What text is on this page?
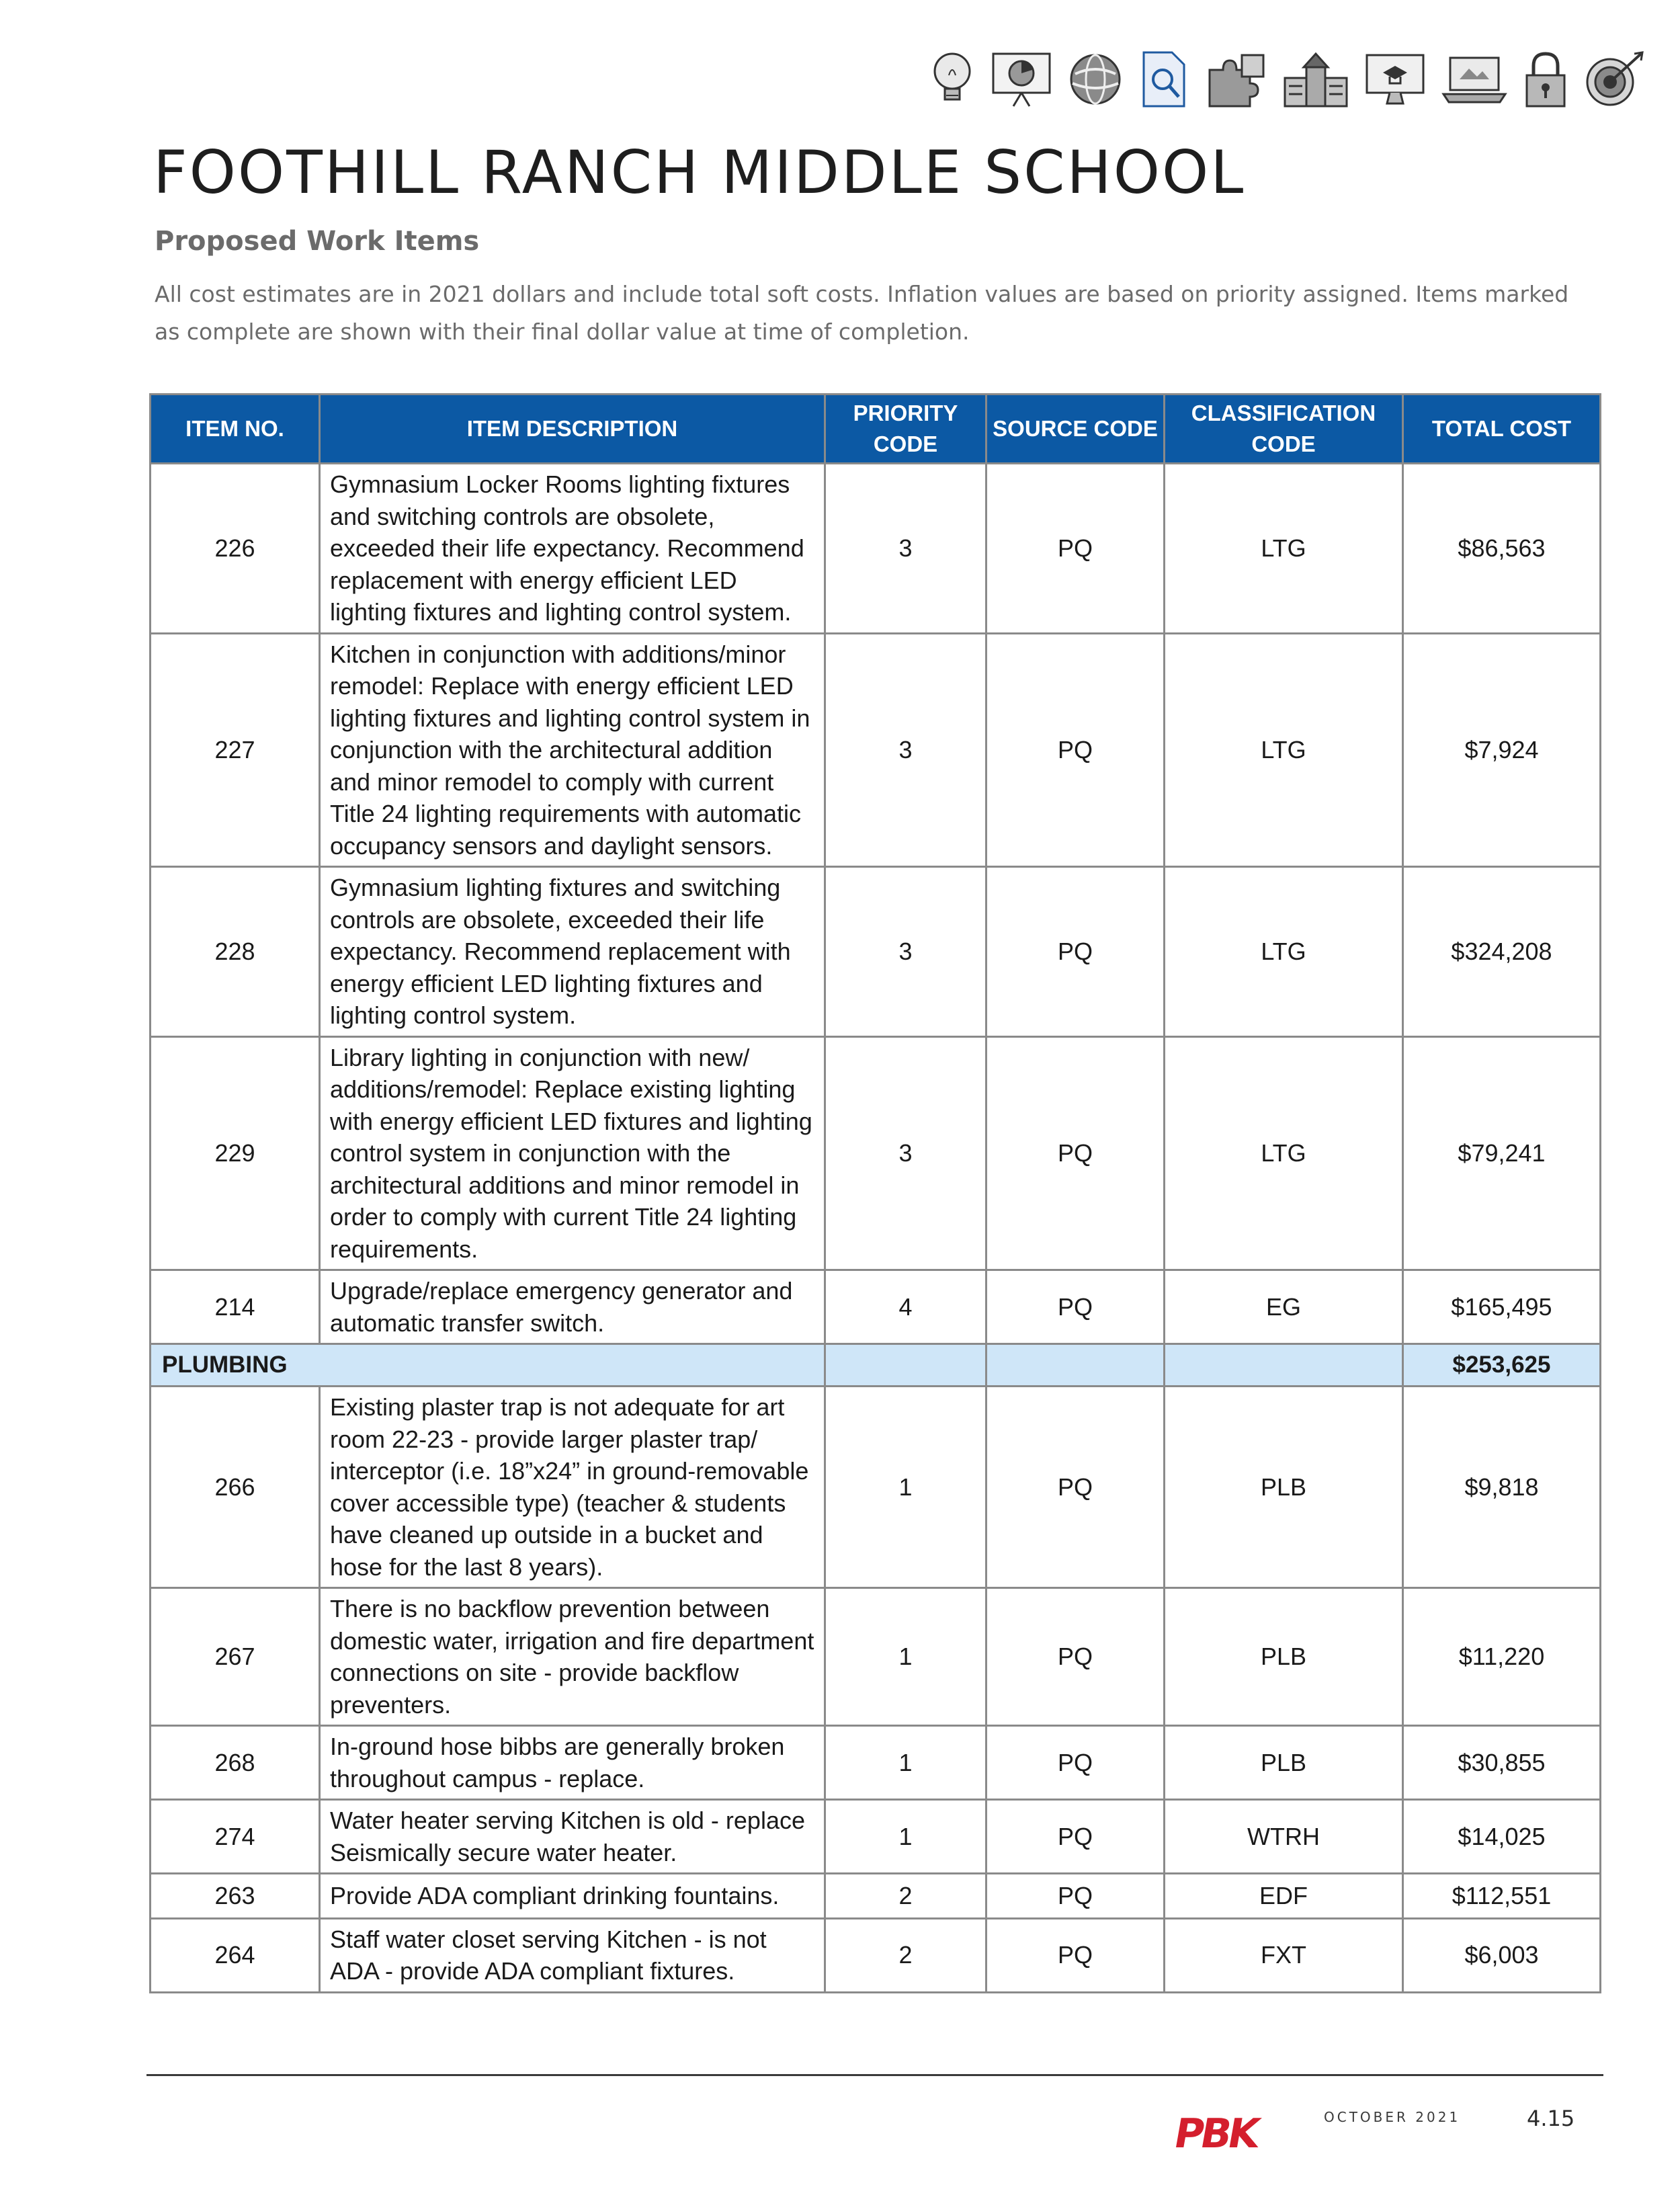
FOOTHILL RANCH MIDDLE SCHOOL
Proposed Work Items

All cost estimates are in 2021 dollars and include total soft costs. Inflation values are based on priority assigned. Items marked as complete are shown with their final dollar value at time of completion.

ITEM NO.	ITEM DESCRIPTION	PRIORITY CODE	SOURCE CODE	CLASSIFICATION CODE	TOTAL COST
226	Gymnasium Locker Rooms lighting fixtures and switching controls are obsolete, exceeded their life expectancy. Recommend replacement with energy efficient LED lighting fixtures and lighting control system.	3	PQ	LTG	$86,563
227	Kitchen in conjunction with additions/minor remodel: Replace with energy efficient LED lighting fixtures and lighting control system in conjunction with the architectural addition and minor remodel to comply with current Title 24 lighting requirements with automatic occupancy sensors and daylight sensors.	3	PQ	LTG	$7,924
228	Gymnasium lighting fixtures and switching controls are obsolete, exceeded their life expectancy. Recommend replacement with energy efficient LED lighting fixtures and lighting control system.	3	PQ	LTG	$324,208
229	Library lighting in conjunction with new/ additions/remodel: Replace existing lighting with energy efficient LED fixtures and lighting control system in conjunction with the architectural additions and minor remodel in order to comply with current Title 24 lighting requirements.	3	PQ	LTG	$79,241
214	Upgrade/replace emergency generator and automatic transfer switch.	4	PQ	EG	$165,495
PLUMBING					$253,625
266	Existing plaster trap is not adequate for art room 22-23 - provide larger plaster trap/ interceptor (i.e. 18”x24” in ground-removable cover accessible type) (teacher & students have cleaned up outside in a bucket and hose for the last 8 years).	1	PQ	PLB	$9,818
267	There is no backflow prevention between domestic water, irrigation and fire department connections on site - provide backflow preventers.	1	PQ	PLB	$11,220
268	In-ground hose bibbs are generally broken throughout campus - replace.	1	PQ	PLB	$30,855
274	Water heater serving Kitchen is old - replace Seismically secure water heater.	1	PQ	WTRH	$14,025
263	Provide ADA compliant drinking fountains.	2	PQ	EDF	$112,551
264	Staff water closet serving Kitchen - is not ADA - provide ADA compliant fixtures.	2	PQ	FXT	$6,003
PBK	OCTOBER 2021	4.15
